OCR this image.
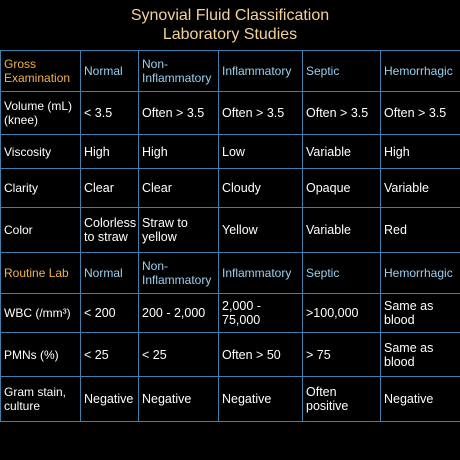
Synovial Fluid Classification
Laboratory Studies
Gross Examination	Normal	Non-Inflammatory	Inflammatory	Septic	Hemorrhagic
Volume (mL) (knee)	< 3.5	Often > 3.5	Often > 3.5	Often > 3.5	Often > 3.5
Viscosity	High	High	Low	Variable	High
Clarity	Clear	Clear	Cloudy	Opaque	Variable
Color	Colorless to straw	Straw to yellow	Yellow	Variable	Red
Routine Lab	Normal	Non-Inflammatory	Inflammatory	Septic	Hemorrhagic
WBC (/mm³)	< 200	200 - 2,000	2,000 - 75,000	>100,000	Same as blood
PMNs (%)	< 25	< 25	Often > 50	> 75	Same as blood
Gram stain, culture	Negative	Negative	Negative	Often positive	Negative
